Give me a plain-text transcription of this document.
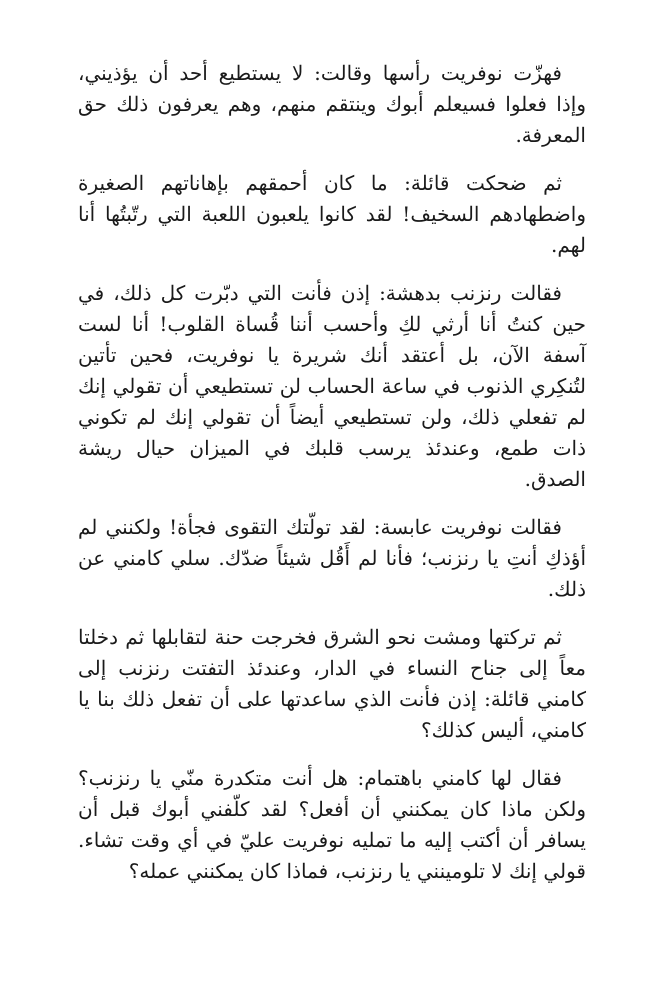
فهزّت نوفريت رأسها وقالت: لا يستطيع أحد أن يؤذيني، وإذا فعلوا فسيعلم أبوك وينتقم منهم، وهم يعرفون ذلك حق المعرفة.

ثم ضحكت قائلة: ما كان أحمقهم بإهاناتهم الصغيرة واضطهادهم السخيف! لقد كانوا يلعبون اللعبة التي رتّبتُها أنا لهم.

فقالت رنزنب بدهشة: إذن فأنت التي دبّرت كل ذلك، في حين كنتُ أنا أرثي لكِ وأحسب أننا قُساة القلوب! أنا لست آسفة الآن، بل أعتقد أنك شريرة يا نوفريت، فحين تأتين لتُنكِري الذنوب في ساعة الحساب لن تستطيعي أن تقولي إنك لم تفعلي ذلك، ولن تستطيعي أيضاً أن تقولي إنك لم تكوني ذات طمع، وعندئذ يرسب قلبك في الميزان حيال ريشة الصدق.

فقالت نوفريت عابسة: لقد تولّتك التقوى فجأة! ولكنني لم أؤذكِ أنتِ يا رنزنب؛ فأنا لم أَقُل شيئاً ضدّك. سلي كامني عن ذلك.

ثم تركتها ومشت نحو الشرق فخرجت حنة لتقابلها ثم دخلتا معاً إلى جناح النساء في الدار، وعندئذ التفتت رنزنب إلى كامني قائلة: إذن فأنت الذي ساعدتها على أن تفعل ذلك بنا يا كامني، أليس كذلك؟

فقال لها كامني باهتمام: هل أنت متكدرة منّي يا رنزنب؟ ولكن ماذا كان يمكنني أن أفعل؟ لقد كلّفني أبوك قبل أن يسافر أن أكتب إليه ما تمليه نوفريت عليّ في أي وقت تشاء. قولي إنك لا تلومينني يا رنزنب، فماذا كان يمكنني عمله؟
